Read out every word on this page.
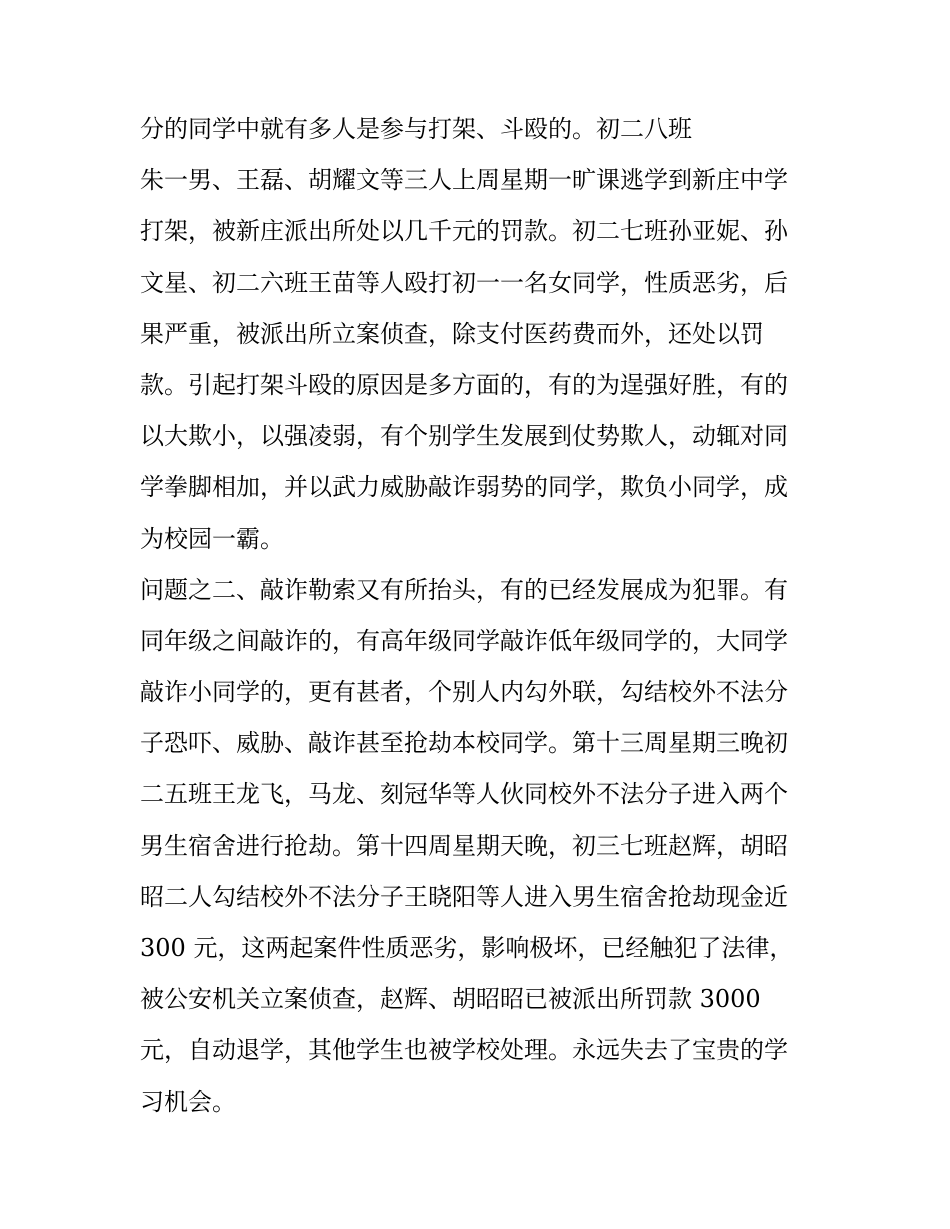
分的同学中就有多人是参与打架、斗殴的。初二八班
朱一男、王磊、胡耀文等三人上周星期一旷课逃学到新庄中学
打架，被新庄派出所处以几千元的罚款。初二七班孙亚妮、孙
文星、初二六班王苗等人殴打初一一名女同学，性质恶劣，后
果严重，被派出所立案侦查，除支付医药费而外，还处以罚
款。引起打架斗殴的原因是多方面的，有的为逞强好胜，有的
以大欺小，以强凌弱，有个别学生发展到仗势欺人，动辄对同
学拳脚相加，并以武力威胁敲诈弱势的同学，欺负小同学，成
为校园一霸。
问题之二、敲诈勒索又有所抬头，有的已经发展成为犯罪。有
同年级之间敲诈的，有高年级同学敲诈低年级同学的，大同学
敲诈小同学的，更有甚者，个别人内勾外联，勾结校外不法分
子恐吓、威胁、敲诈甚至抢劫本校同学。第十三周星期三晚初
二五班王龙飞，马龙、刻冠华等人伙同校外不法分子进入两个
男生宿舍进行抢劫。第十四周星期天晚，初三七班赵辉，胡昭
昭二人勾结校外不法分子王晓阳等人进入男生宿舍抢劫现金近
300 元，这两起案件性质恶劣，影响极坏，已经触犯了法律，
被公安机关立案侦查，赵辉、胡昭昭已被派出所罚款 3000
元，自动退学，其他学生也被学校处理。永远失去了宝贵的学
习机会。
